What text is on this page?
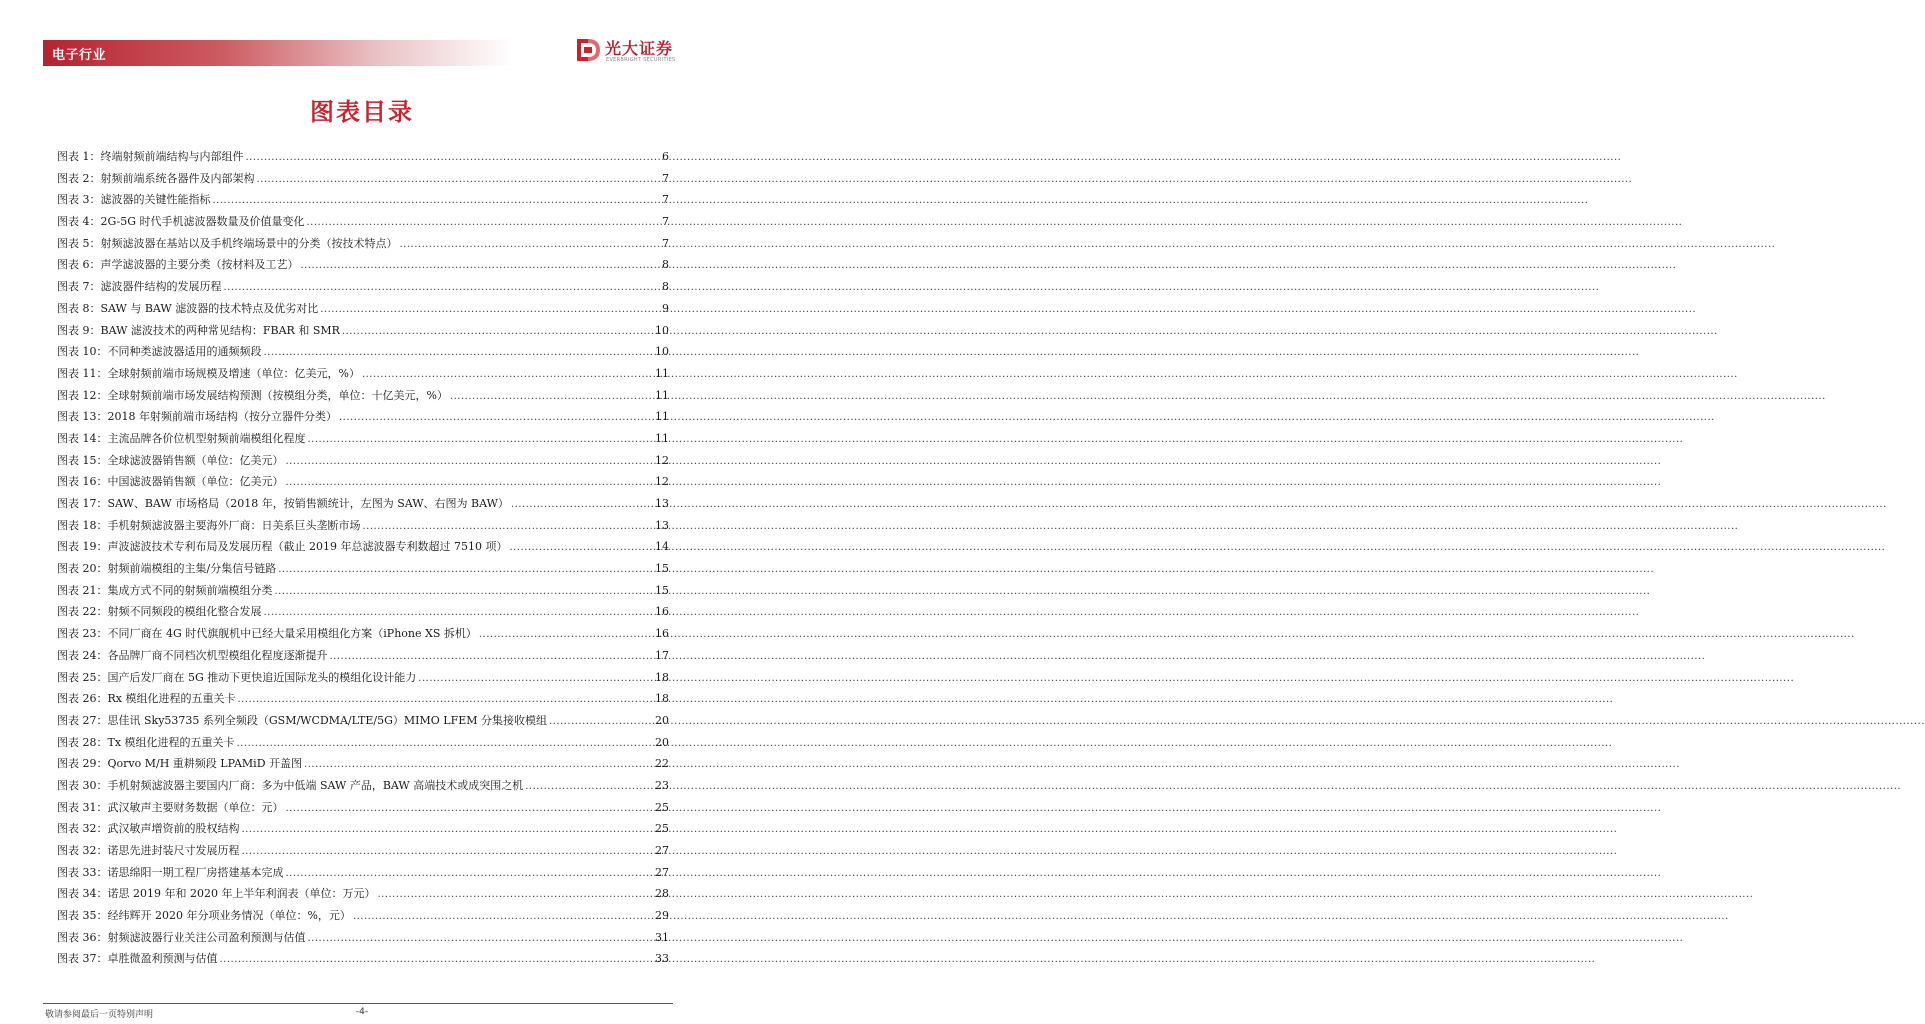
电子行业	光大证券
EVERBRIGHT SECURITIES
图表目录
图表 1：终端射频前端结构与内部组件 .....	6
图表 2：射频前端系统各器件及内部架构 .....	7
图表 3：滤波器的关键性能指标 .....	7
图表 4：2G-5G 时代手机滤波器数量及价值量变化 .....	7
图表 5：射频滤波器在基站以及手机终端场景中的分类（按技术特点） .....	7
图表 6：声学滤波器的主要分类（按材料及工艺） .....	8
图表 7：滤波器件结构的发展历程 .....	8
图表 8：SAW 与 BAW 滤波器的技术特点及优劣对比 .....	9
图表 9：BAW 滤波技术的两种常见结构：FBAR 和 SMR .....	10
图表 10：不同种类滤波器适用的通频频段 .....	10
图表 11：全球射频前端市场规模及增速（单位：亿美元，%） .....	11
图表 12：全球射频前端市场发展结构预测（按模组分类，单位：十亿美元，%） .....	11
图表 13：2018 年射频前端市场结构（按分立器件分类） .....	11
图表 14：主流品牌各价位机型射频前端模组化程度 .....	11
图表 15：全球滤波器销售额（单位：亿美元） .....	12
图表 16：中国滤波器销售额（单位：亿美元） .....	12
图表 17：SAW、BAW 市场格局（2018 年，按销售额统计，左图为 SAW、右图为 BAW） .....	13
图表 18：手机射频滤波器主要海外厂商：日美系巨头垄断市场 .....	13
图表 19：声波滤波技术专利布局及发展历程（截止 2019 年总滤波器专利数超过 7510 项） .....	14
图表 20：射频前端模组的主集/分集信号链路 .....	15
图表 21：集成方式不同的射频前端模组分类 .....	15
图表 22：射频不同频段的模组化整合发展 .....	16
图表 23：不同厂商在 4G 时代旗舰机中已经大量采用模组化方案（iPhone XS 拆机） .....	16
图表 24：各品牌厂商不同档次机型模组化程度逐渐提升 .....	17
图表 25：国产后发厂商在 5G 推动下更快追近国际龙头的模组化设计能力 .....	18
图表 26：Rx 模组化进程的五重关卡 .....	18
图表 27：思佳讯 Sky53735 系列全频段（GSM/WCDMA/LTE/5G）MIMO LFEM 分集接收模组 .....	20
图表 28：Tx 模组化进程的五重关卡 .....	20
图表 29：Qorvo M/H 重耕频段 LPAMiD 开盖图 .....	22
图表 30：手机射频滤波器主要国内厂商：多为中低端 SAW 产品，BAW 高端技术或成突围之机 .....	23
图表 31：武汉敏声主要财务数据（单位：元） .....	25
图表 32：武汉敏声增资前的股权结构 .....	25
图表 32：诺思先进封装尺寸发展历程 .....	27
图表 33：诺思绵阳一期工程厂房搭建基本完成 .....	27
图表 34：诺思 2019 年和 2020 年上半年利润表（单位：万元） .....	28
图表 35：经纬辉开 2020 年分项业务情况（单位：%，元） .....	29
图表 36：射频滤波器行业关注公司盈利预测与估值 .....	31
图表 37：卓胜微盈利预测与估值 .....	33
敬请参阅最后一页特别声明	-4-
